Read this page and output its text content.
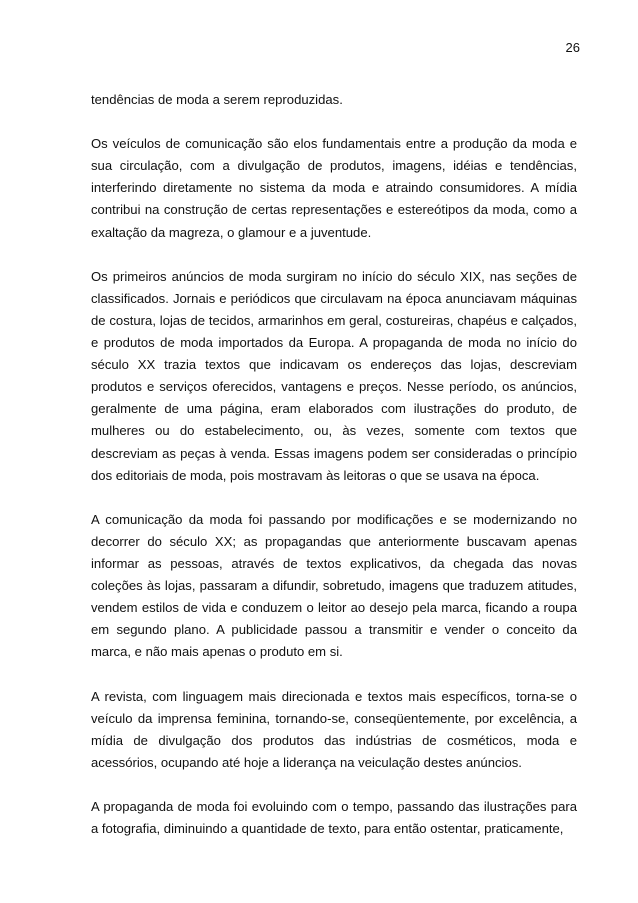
26

tendências de moda a serem reproduzidas.

Os veículos de comunicação são elos fundamentais entre a produção da moda e sua circulação, com a divulgação de produtos, imagens, idéias e tendências, interferindo diretamente no sistema da moda e atraindo consumidores. A mídia contribui na construção de certas representações e estereótipos da moda, como a exaltação da magreza, o glamour e a juventude.

Os primeiros anúncios de moda surgiram no início do século XIX, nas seções de classificados. Jornais e periódicos que circulavam na época anunciavam máquinas de costura, lojas de tecidos, armarinhos em geral, costureiras, chapéus e calçados, e produtos de moda importados da Europa. A propaganda de moda no início do século XX trazia textos que indicavam os endereços das lojas, descreviam produtos e serviços oferecidos, vantagens e preços. Nesse período, os anúncios, geralmente de uma página, eram elaborados com ilustrações do produto, de mulheres ou do estabelecimento, ou, às vezes, somente com textos que descreviam as peças à venda. Essas imagens podem ser consideradas o princípio dos editoriais de moda, pois mostravam às leitoras o que se usava na época.

A comunicação da moda foi passando por modificações e se modernizando no decorrer do século XX; as propagandas que anteriormente buscavam apenas informar as pessoas, através de textos explicativos, da chegada das novas coleções às lojas, passaram a difundir, sobretudo, imagens que traduzem atitudes, vendem estilos de vida e conduzem o leitor ao desejo pela marca, ficando a roupa em segundo plano. A publicidade passou a transmitir e vender o conceito da marca, e não mais apenas o produto em si.

A revista, com linguagem mais direcionada e textos mais específicos, torna-se o veículo da imprensa feminina, tornando-se, conseqüentemente, por excelência, a mídia de divulgação dos produtos das indústrias de cosméticos, moda e acessórios, ocupando até hoje a liderança na veiculação destes anúncios.

A propaganda de moda foi evoluindo com o tempo, passando das ilustrações para a fotografia, diminuindo a quantidade de texto, para então ostentar, praticamente,
